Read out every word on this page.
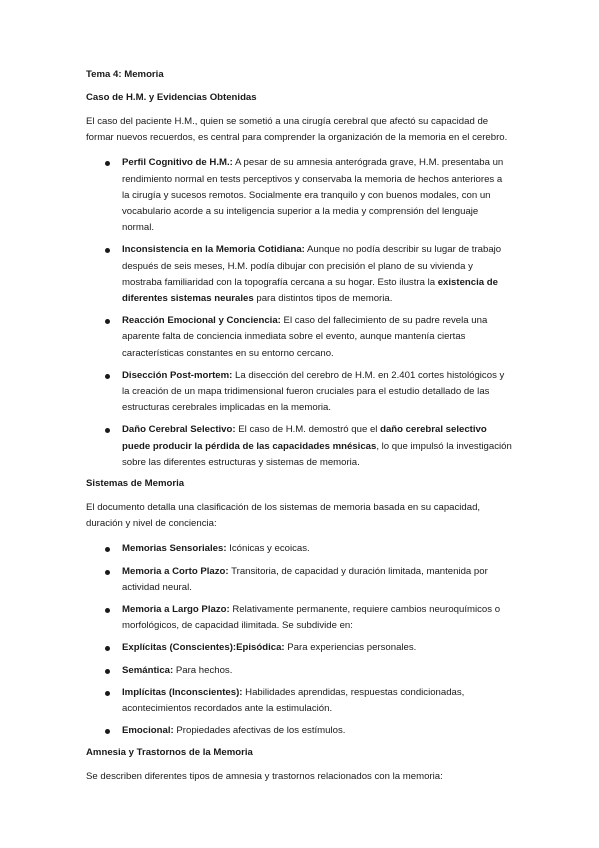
Tema 4: Memoria
Caso de H.M. y Evidencias Obtenidas

El caso del paciente H.M., quien se sometió a una cirugía cerebral que afectó su capacidad de formar nuevos recuerdos, es central para comprender la organización de la memoria en el cerebro.

Perfil Cognitivo de H.M.: A pesar de su amnesia anterógrada grave, H.M. presentaba un rendimiento normal en tests perceptivos y conservaba la memoria de hechos anteriores a la cirugía y sucesos remotos. Socialmente era tranquilo y con buenos modales, con un vocabulario acorde a su inteligencia superior a la media y comprensión del lenguaje normal.
Inconsistencia en la Memoria Cotidiana: Aunque no podía describir su lugar de trabajo después de seis meses, H.M. podía dibujar con precisión el plano de su vivienda y mostraba familiaridad con la topografía cercana a su hogar. Esto ilustra la existencia de diferentes sistemas neurales para distintos tipos de memoria.
Reacción Emocional y Conciencia: El caso del fallecimiento de su padre revela una aparente falta de conciencia inmediata sobre el evento, aunque mantenía ciertas características constantes en su entorno cercano.
Disección Post-mortem: La disección del cerebro de H.M. en 2.401 cortes histológicos y la creación de un mapa tridimensional fueron cruciales para el estudio detallado de las estructuras cerebrales implicadas en la memoria.
Daño Cerebral Selectivo: El caso de H.M. demostró que el daño cerebral selectivo puede producir la pérdida de las capacidades mnésicas, lo que impulsó la investigación sobre las diferentes estructuras y sistemas de memoria.
Sistemas de Memoria

El documento detalla una clasificación de los sistemas de memoria basada en su capacidad, duración y nivel de conciencia:

Memorias Sensoriales: Icónicas y ecoicas.
Memoria a Corto Plazo: Transitoria, de capacidad y duración limitada, mantenida por actividad neural.
Memoria a Largo Plazo: Relativamente permanente, requiere cambios neuroquímicos o morfológicos, de capacidad ilimitada. Se subdivide en:
Explícitas (Conscientes):Episódica: Para experiencias personales.
Semántica: Para hechos.
Implícitas (Inconscientes): Habilidades aprendidas, respuestas condicionadas, acontecimientos recordados ante la estimulación.
Emocional: Propiedades afectivas de los estímulos.
Amnesia y Trastornos de la Memoria

Se describen diferentes tipos de amnesia y trastornos relacionados con la memoria:
